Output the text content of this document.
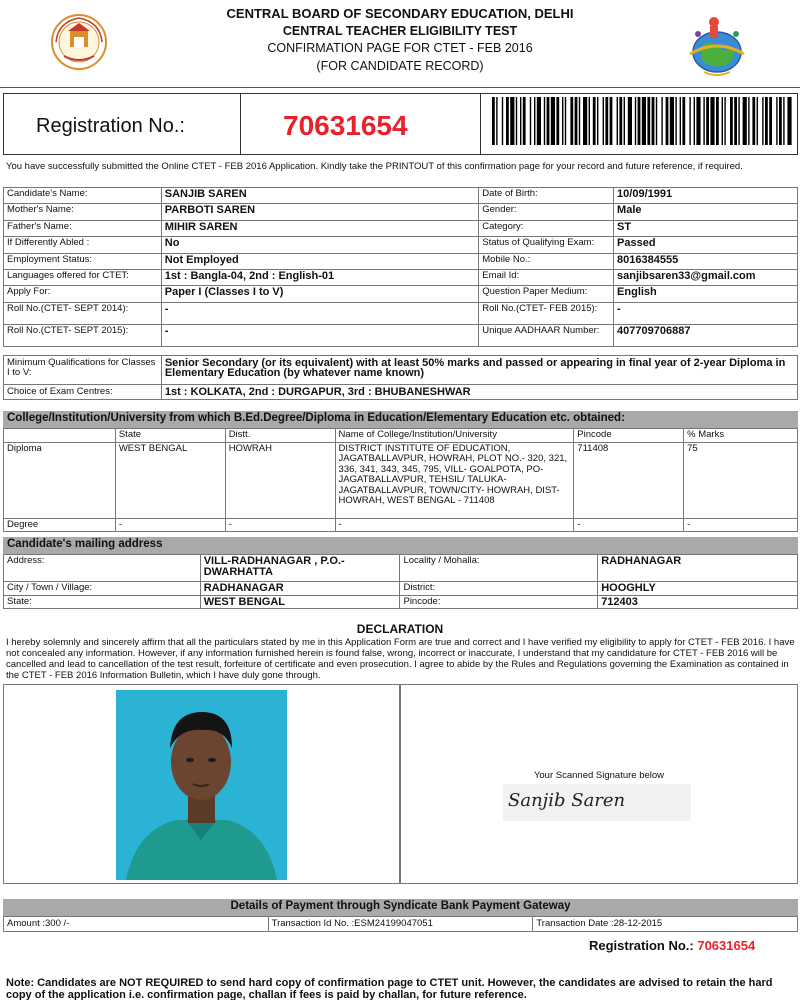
CENTRAL BOARD OF SECONDARY EDUCATION, DELHI
CENTRAL TEACHER ELIGIBILITY TEST
CONFIRMATION PAGE FOR CTET - FEB 2016
(FOR CANDIDATE RECORD)
Registration No.:	70631654
You have successfully submitted the Online CTET - FEB 2016 Application. Kindly take the PRINTOUT of this confirmation page for your record and future reference, if required.
Candidate's Name:	SANJIB SAREN	Date of Birth:	10/09/1991
Mother's Name:	PARBOTI SAREN	Gender:	Male
Father's Name:	MIHIR SAREN	Category:	ST
If Differently Abled :	No	Status of Qualifying Exam:	Passed
Employment Status:	Not Employed	Mobile No.:	8016384555
Languages offered for CTET:	1st : Bangla-04, 2nd : English-01	Email Id:	sanjibsaren33@gmail.com
Apply For:	Paper I (Classes I to V)	Question Paper Medium:	English
Roll No.(CTET- SEPT 2014):	-	Roll No.(CTET- FEB 2015):	-
Roll No.(CTET- SEPT 2015):	-	Unique AADHAAR Number:	407709706887
Minimum Qualifications for Classes I to V:	Senior Secondary (or its equivalent) with at least 50% marks and passed or appearing in final year of 2-year Diploma in Elementary Education (by whatever name known)
Choice of Exam Centres:	1st : KOLKATA, 2nd : DURGAPUR, 3rd : BHUBANESHWAR
College/Institution/University from which B.Ed.Degree/Diploma in Education/Elementary Education etc. obtained:
	State	Distt.	Name of College/Institution/University	Pincode	% Marks
Diploma	WEST BENGAL	HOWRAH	DISTRICT INSTITUTE OF EDUCATION, JAGATBALLAVPUR, HOWRAH, PLOT NO.- 320, 321, 336, 341, 343, 345, 795, VILL- GOALPOTA, PO- JAGATBALLAVPUR, TEHSIL/ TALUKA- JAGATBALLAVPUR, TOWN/CITY- HOWRAH, DIST- HOWRAH, WEST BENGAL - 711408	711408	75
Degree	-	-	-	-	-
Candidate's mailing address
Address:	VILL-RADHANAGAR , P.O.- DWARHATTA	Locality / Mohalla:	RADHANAGAR
City / Town / Village:	RADHANAGAR	District:	HOOGHLY
State:	WEST BENGAL	Pincode:	712403
DECLARATION
I hereby solemnly and sincerely affirm that all the particulars stated by me in this Application Form are true and correct and I have verified my eligibility to apply for CTET - FEB 2016. I have not concealed any information. However, if any information furnished herein is found false, wrong, incorrect or inaccurate, I understand that my candidature for CTET - FEB 2016 will be cancelled and lead to cancellation of the test result, forfeiture of certificate and even prosecution. I agree to abide by the Rules and Regulations governing the Examination as contained in the CTET - FEB 2016 Information Bulletin, which I have duly gone through.
Your Scanned Signature below
Sanjib Saren
Details of Payment through Syndicate Bank Payment Gateway
Amount :300 /-	Transaction Id No. :ESM24199047051	Transaction Date :28-12-2015
Registration No.: 70631654
Note: Candidates are NOT REQUIRED to send hard copy of confirmation page to CTET unit. However, the candidates are advised to retain the hard copy of the application i.e. confirmation page, challan if fees is paid by challan, for future reference.
